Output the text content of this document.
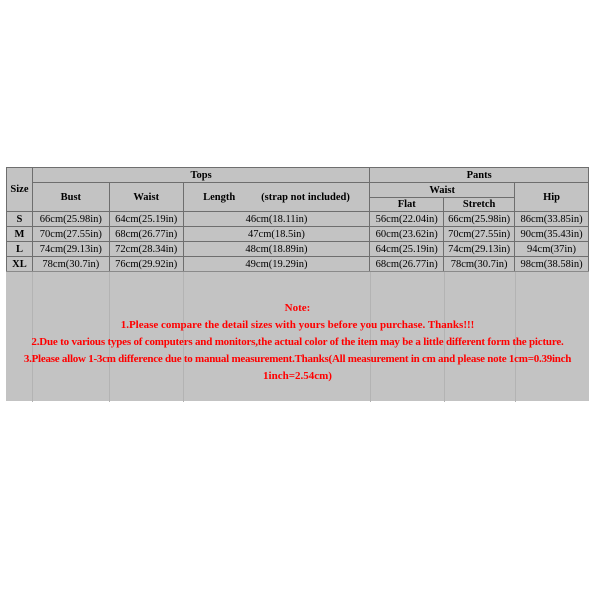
Size	Tops			Pants		
	Bust	Waist	Length (strap not included)	Waist		Hip
				Flat	Stretch	
S	66cm(25.98in)	64cm(25.19in)	46cm(18.11in)	56cm(22.04in)	66cm(25.98in)	86cm(33.85in)
M	70cm(27.55in)	68cm(26.77in)	47cm(18.5in)	60cm(23.62in)	70cm(27.55in)	90cm(35.43in)
L	74cm(29.13in)	72cm(28.34in)	48cm(18.89in)	64cm(25.19in)	74cm(29.13in)	94cm(37in)
XL	78cm(30.7in)	76cm(29.92in)	49cm(19.29in)	68cm(26.77in)	78cm(30.7in)	98cm(38.58in)
Note:
1.Please compare the detail sizes with yours before you purchase. Thanks!!!
2.Due to various types of computers and monitors,the actual color of the item may be a little different form the picture.
3.Please allow 1-3cm difference due to manual measurement.Thanks(All measurement in cm and please note 1cm=0.39inch
1inch=2.54cm)
